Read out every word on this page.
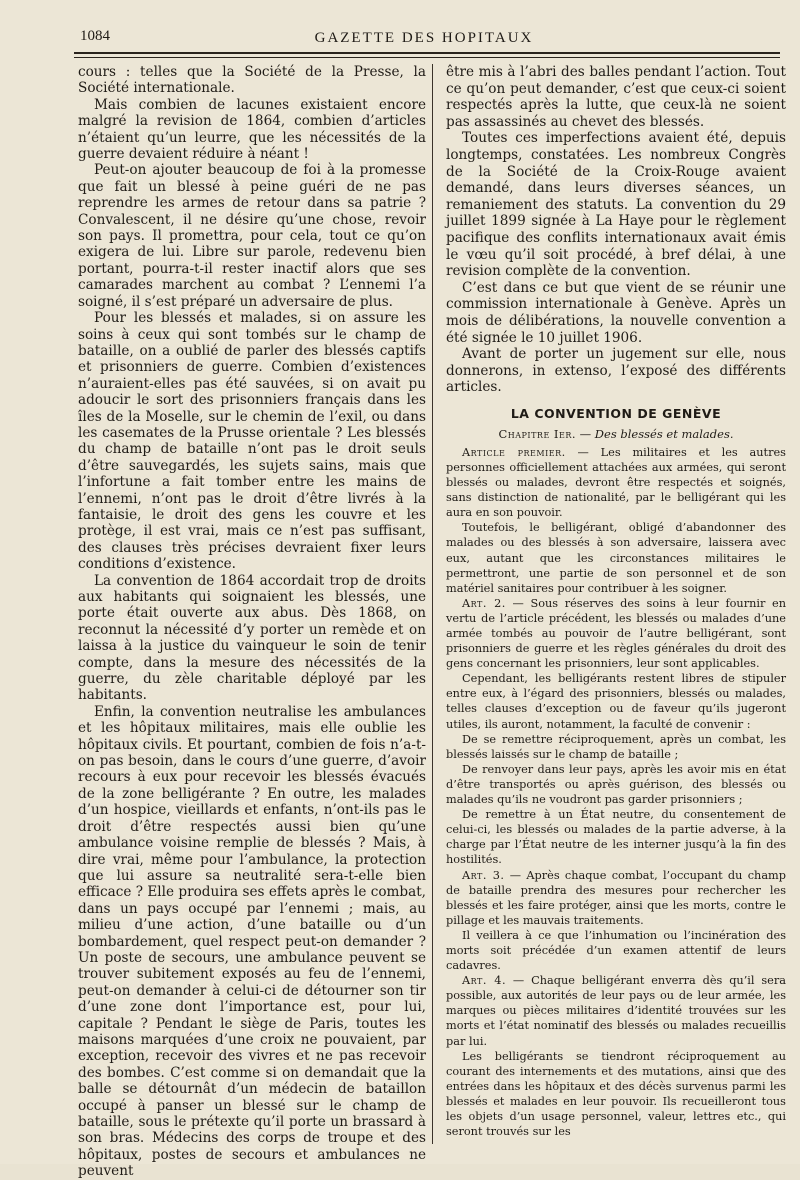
1084	GAZETTE DES HOPITAUX

cours : telles que la Société de la Presse, la Société internationale.

Mais combien de lacunes existaient encore malgré la revision de 1864, combien d’articles n’étaient qu’un leurre, que les nécessités de la guerre devaient réduire à néant !

Peut-on ajouter beaucoup de foi à la promesse que fait un blessé à peine guéri de ne pas reprendre les armes de retour dans sa patrie ? Convalescent, il ne désire qu’une chose, revoir son pays. Il promettra, pour cela, tout ce qu’on exigera de lui. Libre sur parole, redevenu bien portant, pourra-t-il rester inactif alors que ses camarades marchent au combat ? L’ennemi l’a soigné, il s’est préparé un adversaire de plus.

Pour les blessés et malades, si on assure les soins à ceux qui sont tombés sur le champ de bataille, on a oublié de parler des blessés captifs et prisonniers de guerre. Combien d’existences n’auraient-elles pas été sauvées, si on avait pu adoucir le sort des prisonniers français dans les îles de la Moselle, sur le chemin de l’exil, ou dans les casemates de la Prusse orientale ? Les blessés du champ de bataille n’ont pas le droit seuls d’être sauvegardés, les sujets sains, mais que l’infortune a fait tomber entre les mains de l’ennemi, n’ont pas le droit d’être livrés à la fantaisie, le droit des gens les couvre et les protège, il est vrai, mais ce n’est pas suffisant, des clauses très précises devraient fixer leurs conditions d’existence.

La convention de 1864 accordait trop de droits aux habitants qui soignaient les blessés, une porte était ouverte aux abus. Dès 1868, on reconnut la nécessité d’y porter un remède et on laissa à la justice du vainqueur le soin de tenir compte, dans la mesure des nécessités de la guerre, du zèle charitable déployé par les habitants.

Enfin, la convention neutralise les ambulances et les hôpitaux militaires, mais elle oublie les hôpitaux civils. Et pourtant, combien de fois n’a-t-on pas besoin, dans le cours d’une guerre, d’avoir recours à eux pour recevoir les blessés évacués de la zone belligérante ? En outre, les malades d’un hospice, vieillards et enfants, n’ont-ils pas le droit d’être respectés aussi bien qu’une ambulance voisine remplie de blessés ? Mais, à dire vrai, même pour l’ambulance, la protection que lui assure sa neutralité sera-t-elle bien efficace ? Elle produira ses effets après le combat, dans un pays occupé par l’ennemi ; mais, au milieu d’une action, d’une bataille ou d’un bombardement, quel respect peut-on demander ? Un poste de secours, une ambulance peuvent se trouver subitement exposés au feu de l’ennemi, peut-on demander à celui-ci de détourner son tir d’une zone dont l’importance est, pour lui, capitale ? Pendant le siège de Paris, toutes les maisons marquées d’une croix ne pouvaient, par exception, recevoir des vivres et ne pas recevoir des bombes. C’est comme si on demandait que la balle se détournât d’un médecin de bataillon occupé à panser un blessé sur le champ de bataille, sous le prétexte qu’il porte un brassard à son bras. Médecins des corps de troupe et des hôpitaux, postes de secours et ambulances ne peuvent

être mis à l’abri des balles pendant l’action. Tout ce qu’on peut demander, c’est que ceux-ci soient respectés après la lutte, que ceux-là ne soient pas assassinés au chevet des blessés.

Toutes ces imperfections avaient été, depuis longtemps, constatées. Les nombreux Congrès de la Société de la Croix-Rouge avaient demandé, dans leurs diverses séances, un remaniement des statuts. La convention du 29 juillet 1899 signée à La Haye pour le règlement pacifique des conflits internationaux avait émis le vœu qu’il soit procédé, à bref délai, à une revision complète de la convention.

C’est dans ce but que vient de se réunir une commission internationale à Genève. Après un mois de délibérations, la nouvelle convention a été signée le 10 juillet 1906.

Avant de porter un jugement sur elle, nous donnerons, in extenso, l’exposé des différents articles.

LA CONVENTION DE GENÈVE
Chapitre Ier. — Des blessés et malades.

Article premier. — Les militaires et les autres personnes officiellement attachées aux armées, qui seront blessés ou malades, devront être respectés et soignés, sans distinction de nationalité, par le belligérant qui les aura en son pouvoir.

Toutefois, le belligérant, obligé d’abandonner des malades ou des blessés à son adversaire, laissera avec eux, autant que les circonstances militaires le permettront, une partie de son personnel et de son matériel sanitaires pour contribuer à les soigner.

Art. 2. — Sous réserves des soins à leur fournir en vertu de l’article précédent, les blessés ou malades d’une armée tombés au pouvoir de l’autre belligérant, sont prisonniers de guerre et les règles générales du droit des gens concernant les prisonniers, leur sont applicables.

Cependant, les belligérants restent libres de stipuler entre eux, à l’égard des prisonniers, blessés ou malades, telles clauses d’exception ou de faveur qu’ils jugeront utiles, ils auront, notamment, la faculté de convenir :

De se remettre réciproquement, après un combat, les blessés laissés sur le champ de bataille ;

De renvoyer dans leur pays, après les avoir mis en état d’être transportés ou après guérison, des blessés ou malades qu’ils ne voudront pas garder prisonniers ;

De remettre à un État neutre, du consentement de celui-ci, les blessés ou malades de la partie adverse, à la charge par l’État neutre de les interner jusqu’à la fin des hostilités.

Art. 3. — Après chaque combat, l’occupant du champ de bataille prendra des mesures pour rechercher les blessés et les faire protéger, ainsi que les morts, contre le pillage et les mauvais traitements.

Il veillera à ce que l’inhumation ou l’incinération des morts soit précédée d’un examen attentif de leurs cadavres.

Art. 4. — Chaque belligérant enverra dès qu’il sera possible, aux autorités de leur pays ou de leur armée, les marques ou pièces militaires d’identité trouvées sur les morts et l’état nominatif des blessés ou malades recueillis par lui.

Les belligérants se tiendront réciproquement au courant des internements et des mutations, ainsi que des entrées dans les hôpitaux et des décès survenus parmi les blessés et malades en leur pouvoir. Ils recueilleront tous les objets d’un usage personnel, valeur, lettres etc., qui seront trouvés sur les
